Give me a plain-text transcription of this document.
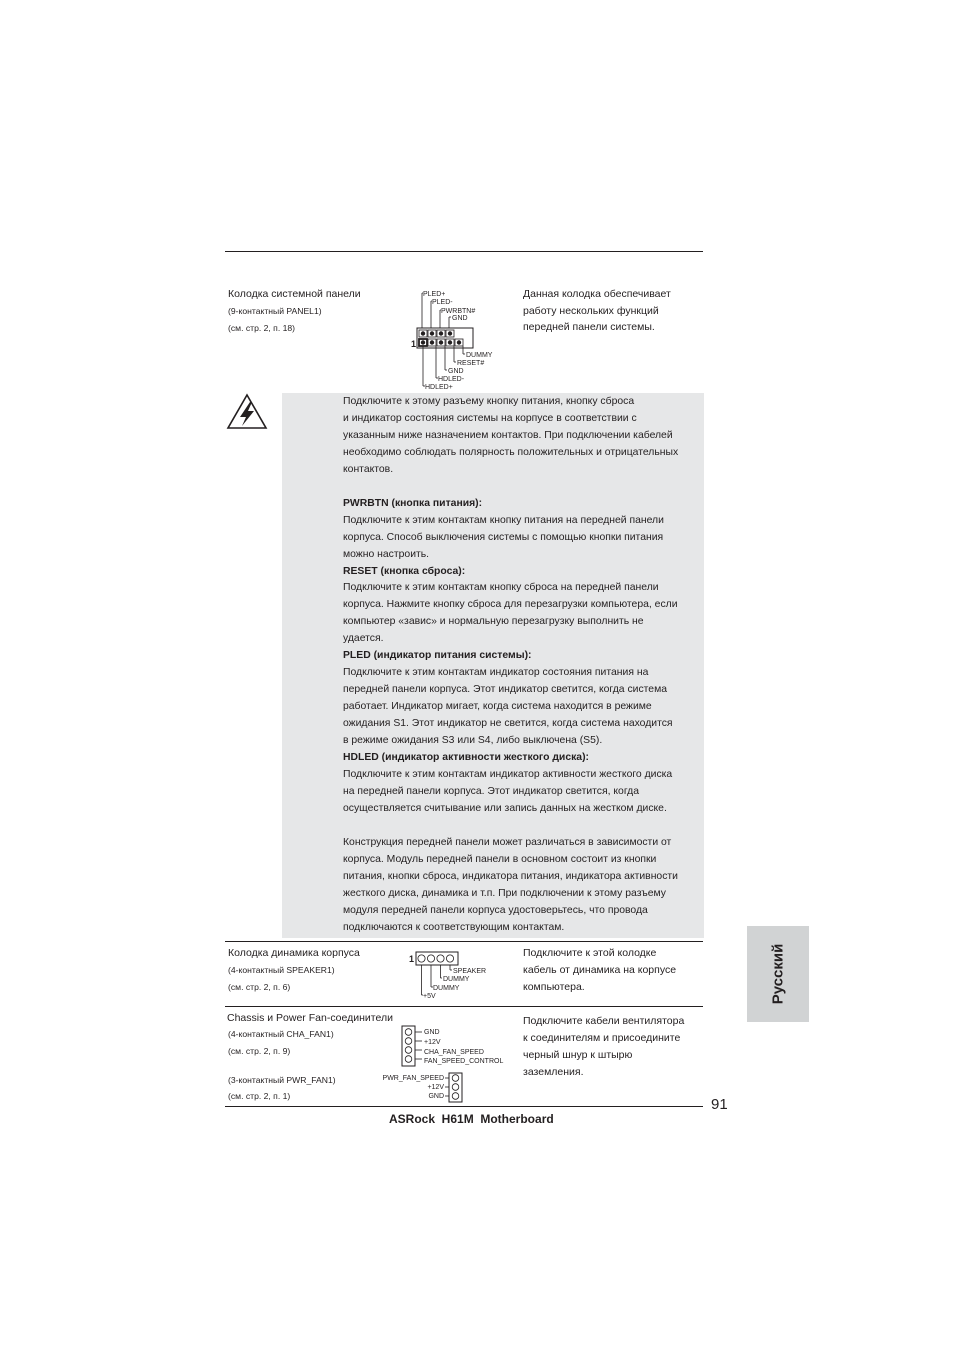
Колодка системной панели
(9-контактный PANEL1)
(см. стр. 2, п. 18)

Данная колодка обеспечивает

работу нескольких функций

передней панели системы.

PLED+
PLED-
PWRBTN#
GND
DUMMY
RESET#
GND
HDLED-
HDLED+
1

Подключите к этому разъему кнопку питания, кнопку сброса

и индикатор состояния системы на корпусе в соответствии с

указанным ниже назначением контактов. При подключении кабелей

необходимо соблюдать полярность положительных и отрицательных

контактов.

PWRBTN (кнопка питания):

Подключите к этим контактам кнопку питания на передней панели

корпуса. Способ выключения системы с помощью кнопки питания

можно настроить.

RESET (кнопка сброса):

Подключите к этим контактам кнопку сброса на передней панели

корпуса. Нажмите кнопку сброса для перезагрузки компьютера, если

компьютер «завис» и нормальную перезагрузку выполнить не

удается.

PLED (индикатор питания системы):

Подключите к этим контактам индикатор состояния питания на

передней панели корпуса. Этот индикатор светится, когда система

работает. Индикатор мигает, когда система находится в режиме

ожидания S1. Этот индикатор не светится, когда система находится

в режиме ожидания S3 или S4, либо выключена (S5).

HDLED (индикатор активности жесткого диска):

Подключите к этим контактам индикатор активности жесткого диска

на передней панели корпуса. Этот индикатор светится, когда

осуществляется считывание или запись данных на жестком диске.

Конструкция передней панели может различаться в зависимости от

корпуса. Модуль передней панели в основном состоит из кнопки

питания, кнопки сброса, индикатора питания, индикатора активности

жесткого диска, динамика и т.п. При подключении к этому разъему

модуля передней панели корпуса удостоверьтесь, что провода

подключаются к соответствующим контактам.

Колодка динамика корпуса
(4-контактный SPEAKER1)
(см. стр. 2, п. 6)

Подключите к этой колодке

кабель от динамика на корпусе

компьютера.

1
SPEAKER
DUMMY
DUMMY
+5V
Chassis и Power Fan-соединители
(4-контактный CHA_FAN1)
(см. стр. 2, п. 9)
(3-контактный PWR_FAN1)
(см. стр. 2, п. 1)

Подключите кабели вентилятора

к соединителям и присоедините

черный шнур к штырю

заземления.

GND
+12V
CHA_FAN_SPEED
FAN_SPEED_CONTROL
PWR_FAN_SPEED
+12V
GND	91
ASRock  H61M  Motherboard
Русский
